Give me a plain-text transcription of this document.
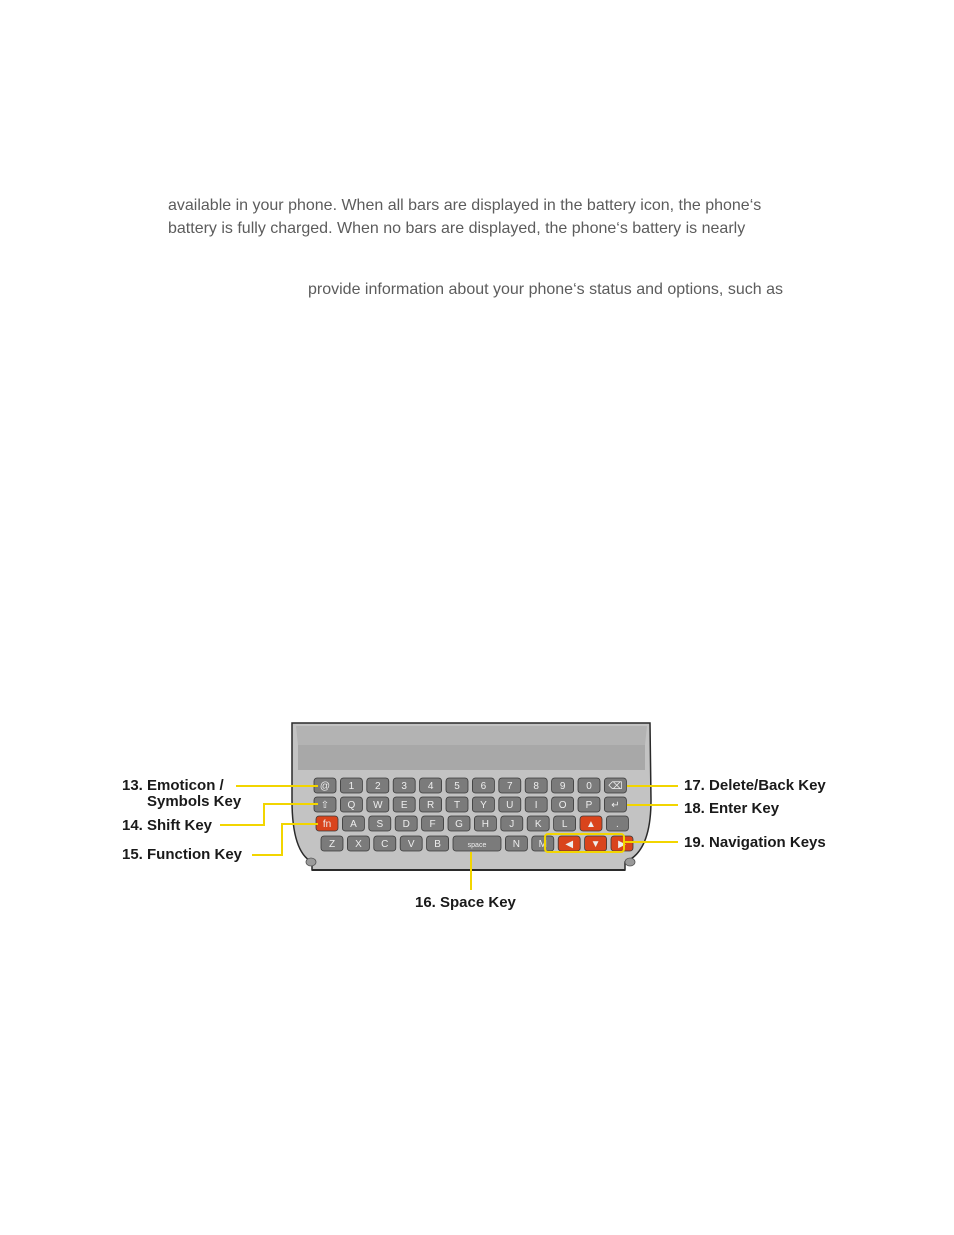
available in your phone. When all bars are displayed in the battery icon, the phone‘s
battery is fully charged. When no bars are displayed, the phone‘s battery is nearly
provide information about your phone‘s status and options, such as
@ 1 2 3 4 5 6 7 8 9 0 ⌫
⇧ Q W E R T Y U I O P ↵
fn A S D F G H J K L ▲ .
Z X C V B	space	N M ◀ ▼ ▶
13. Emoticon /
Symbols Key
14. Shift Key
15. Function Key
16. Space Key
17. Delete/Back Key
18. Enter Key
19. Navigation Keys
